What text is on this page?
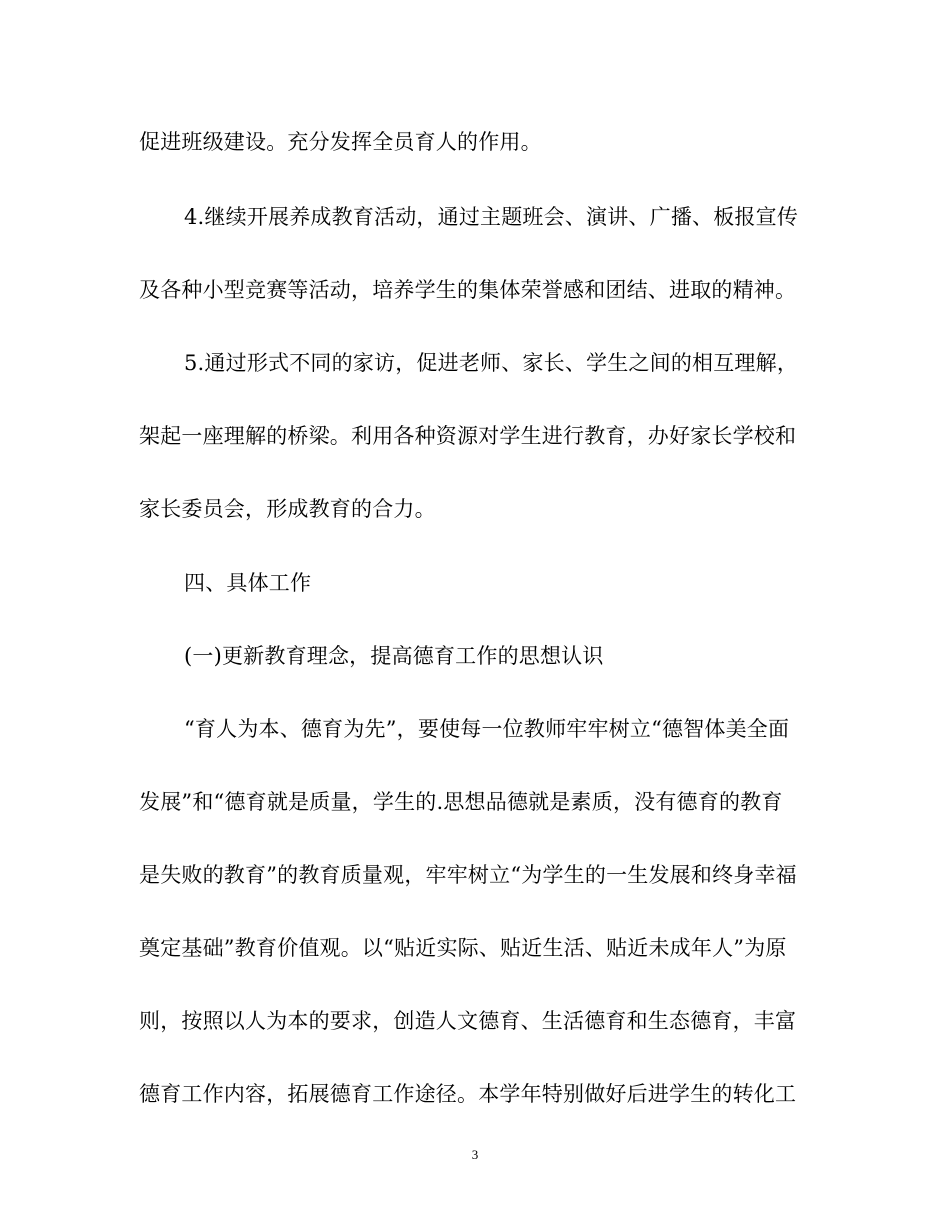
促进班级建设。充分发挥全员育人的作用。
4.继续开展养成教育活动，通过主题班会、演讲、广播、板报宣传
及各种小型竞赛等活动，培养学生的集体荣誉感和团结、进取的精神。
5.通过形式不同的家访，促进老师、家长、学生之间的相互理解，
架起一座理解的桥梁。利用各种资源对学生进行教育，办好家长学校和
家长委员会，形成教育的合力。
四、具体工作
(一)更新教育理念，提高德育工作的思想认识
“育人为本、德育为先”，要使每一位教师牢牢树立“德智体美全面
发展”和“德育就是质量，学生的.思想品德就是素质，没有德育的教育
是失败的教育”的教育质量观，牢牢树立“为学生的一生发展和终身幸福
奠定基础”教育价值观。以“贴近实际、贴近生活、贴近未成年人”为原
则，按照以人为本的要求，创造人文德育、生活德育和生态德育，丰富
德育工作内容，拓展德育工作途径。本学年特别做好后进学生的转化工
3
